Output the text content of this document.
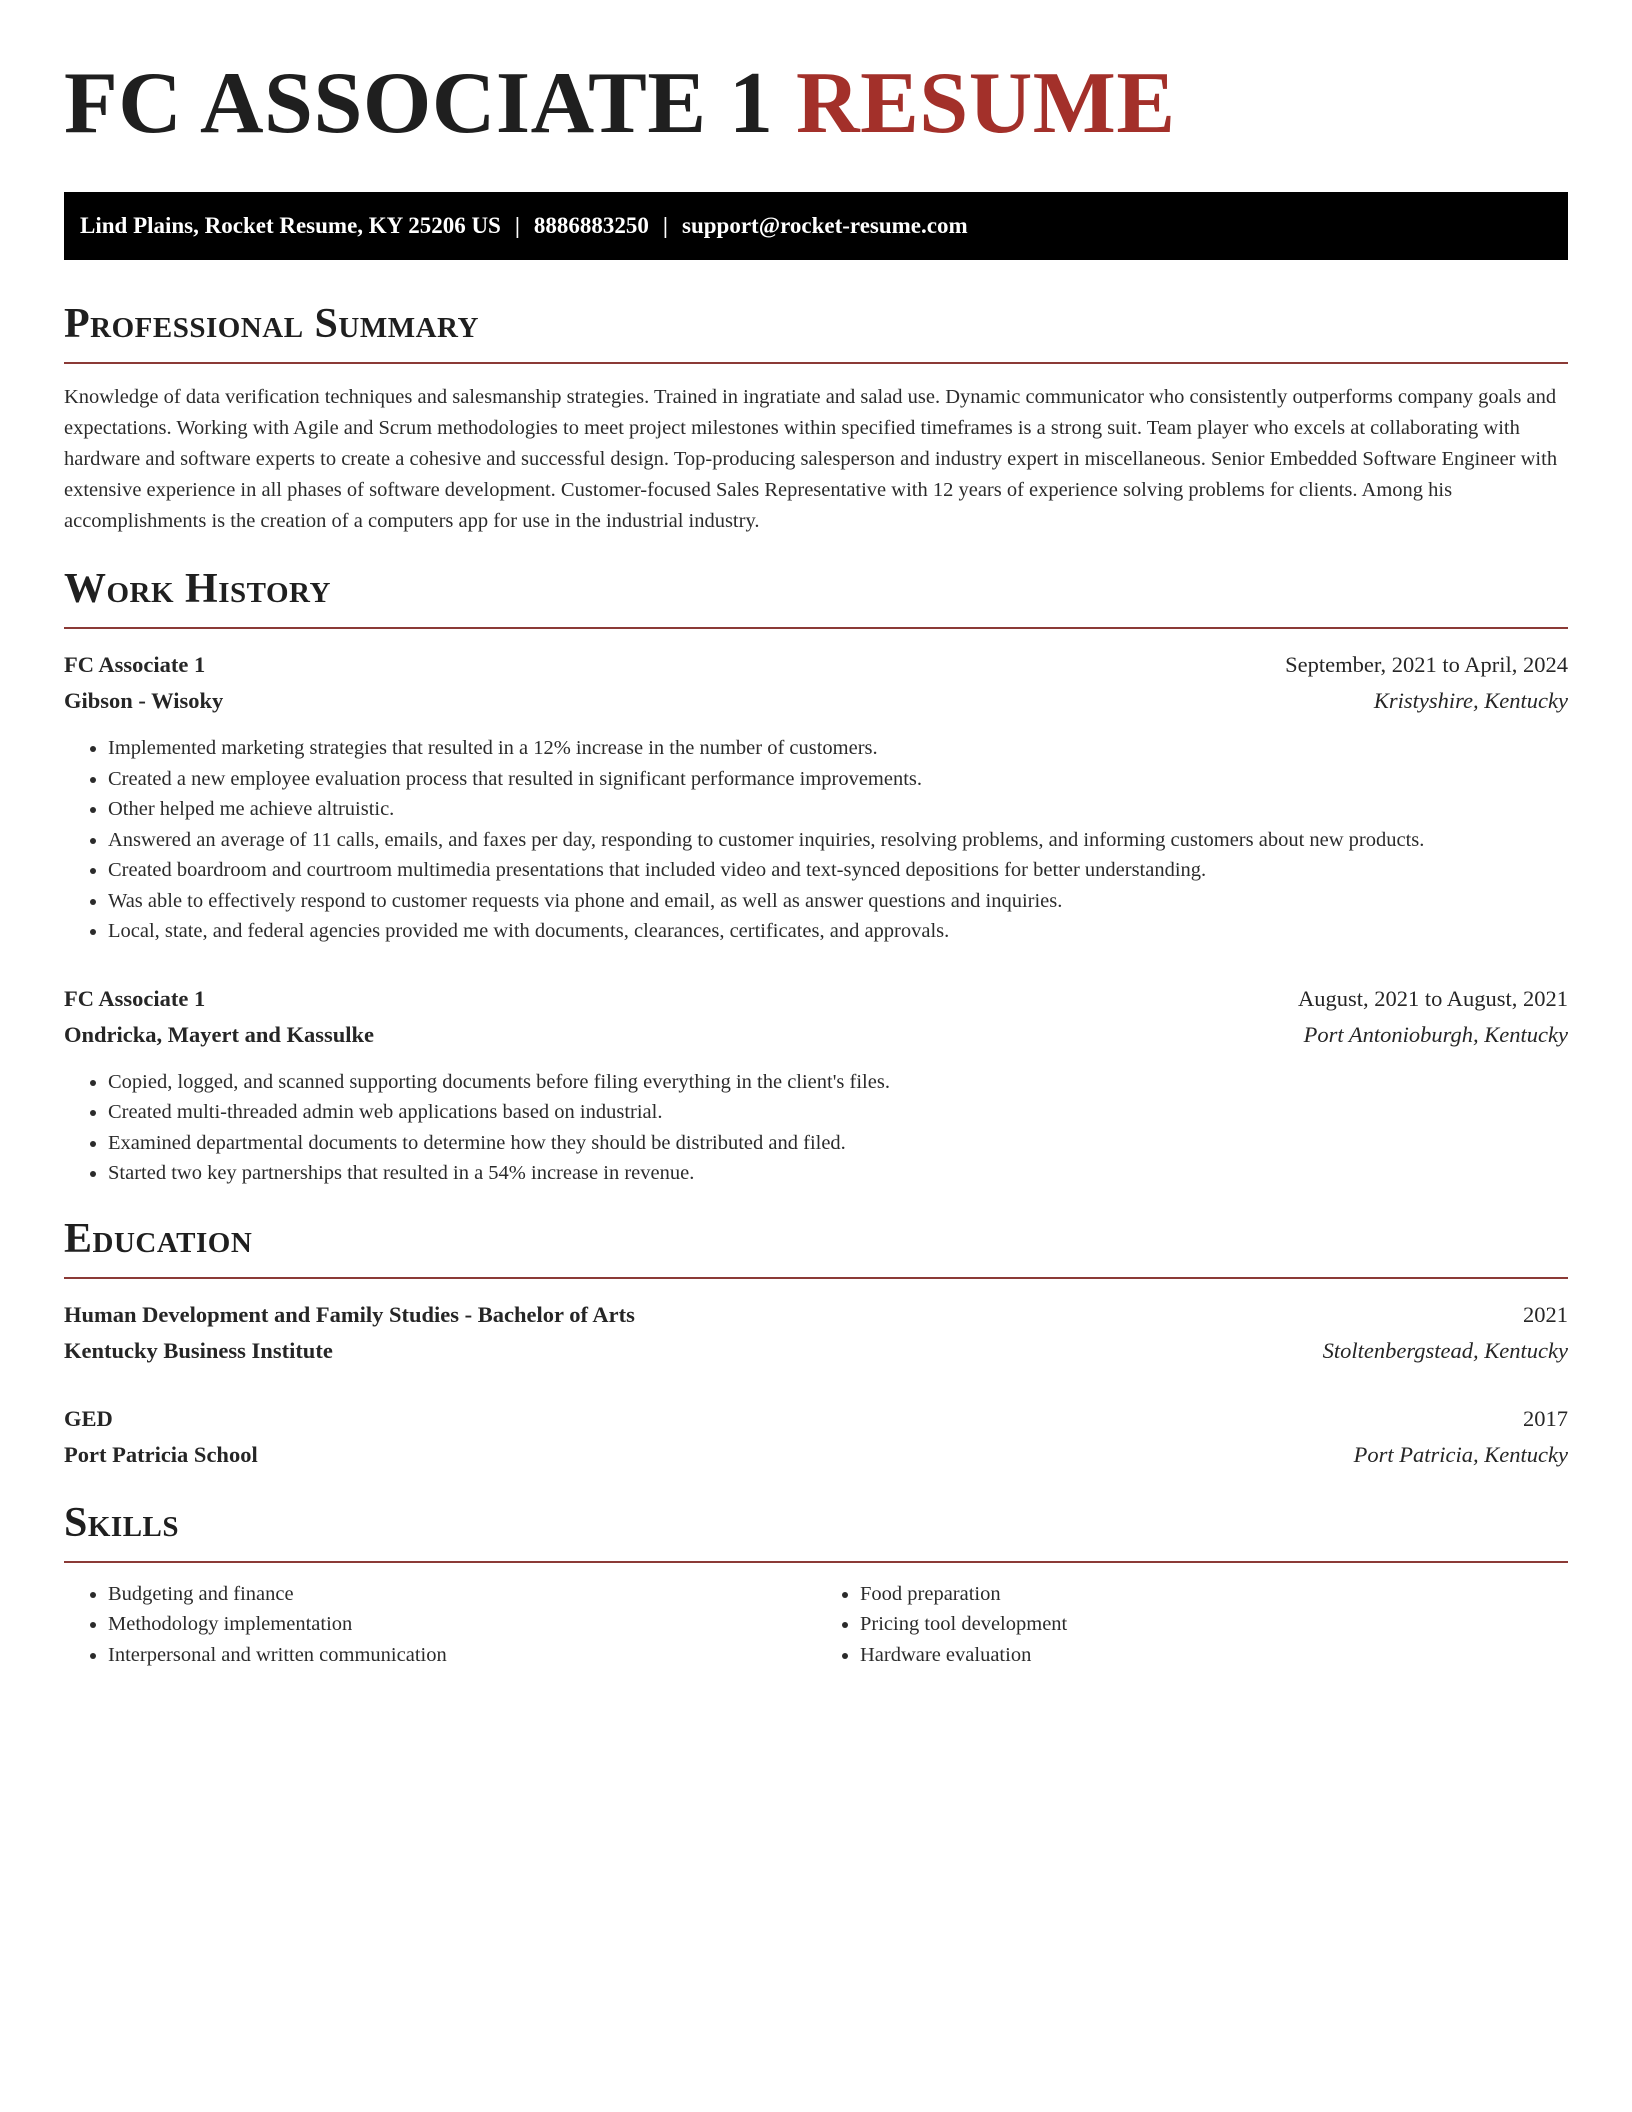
FC ASSOCIATE 1 RESUME
Lind Plains, Rocket Resume, KY 25206 US | 8886883250 | support@rocket-resume.com
Professional Summary

Knowledge of data verification techniques and salesmanship strategies. Trained in ingratiate and salad use. Dynamic communicator who consistently outperforms company goals and expectations. Working with Agile and Scrum methodologies to meet project milestones within specified timeframes is a strong suit. Team player who excels at collaborating with hardware and software experts to create a cohesive and successful design. Top-producing salesperson and industry expert in miscellaneous. Senior Embedded Software Engineer with extensive experience in all phases of software development. Customer-focused Sales Representative with 12 years of experience solving problems for clients. Among his accomplishments is the creation of a computers app for use in the industrial industry.

Work History
FC Associate 1	September, 2021 to April, 2024
Gibson - Wisoky	Kristyshire, Kentucky
• Implemented marketing strategies that resulted in a 12% increase in the number of customers.
• Created a new employee evaluation process that resulted in significant performance improvements.
• Other helped me achieve altruistic.
• Answered an average of 11 calls, emails, and faxes per day, responding to customer inquiries, resolving problems, and informing customers about new products.
• Created boardroom and courtroom multimedia presentations that included video and text-synced depositions for better understanding.
• Was able to effectively respond to customer requests via phone and email, as well as answer questions and inquiries.
• Local, state, and federal agencies provided me with documents, clearances, certificates, and approvals.
FC Associate 1	August, 2021 to August, 2021
Ondricka, Mayert and Kassulke	Port Antonioburgh, Kentucky
• Copied, logged, and scanned supporting documents before filing everything in the client's files.
• Created multi-threaded admin web applications based on industrial.
• Examined departmental documents to determine how they should be distributed and filed.
• Started two key partnerships that resulted in a 54% increase in revenue.
Education
Human Development and Family Studies - Bachelor of Arts	2021
Kentucky Business Institute	Stoltenbergstead, Kentucky
GED	2017
Port Patricia School	Port Patricia, Kentucky
Skills
• Budgeting and finance
• Methodology implementation
• Interpersonal and written communication
• Food preparation
• Pricing tool development
• Hardware evaluation
